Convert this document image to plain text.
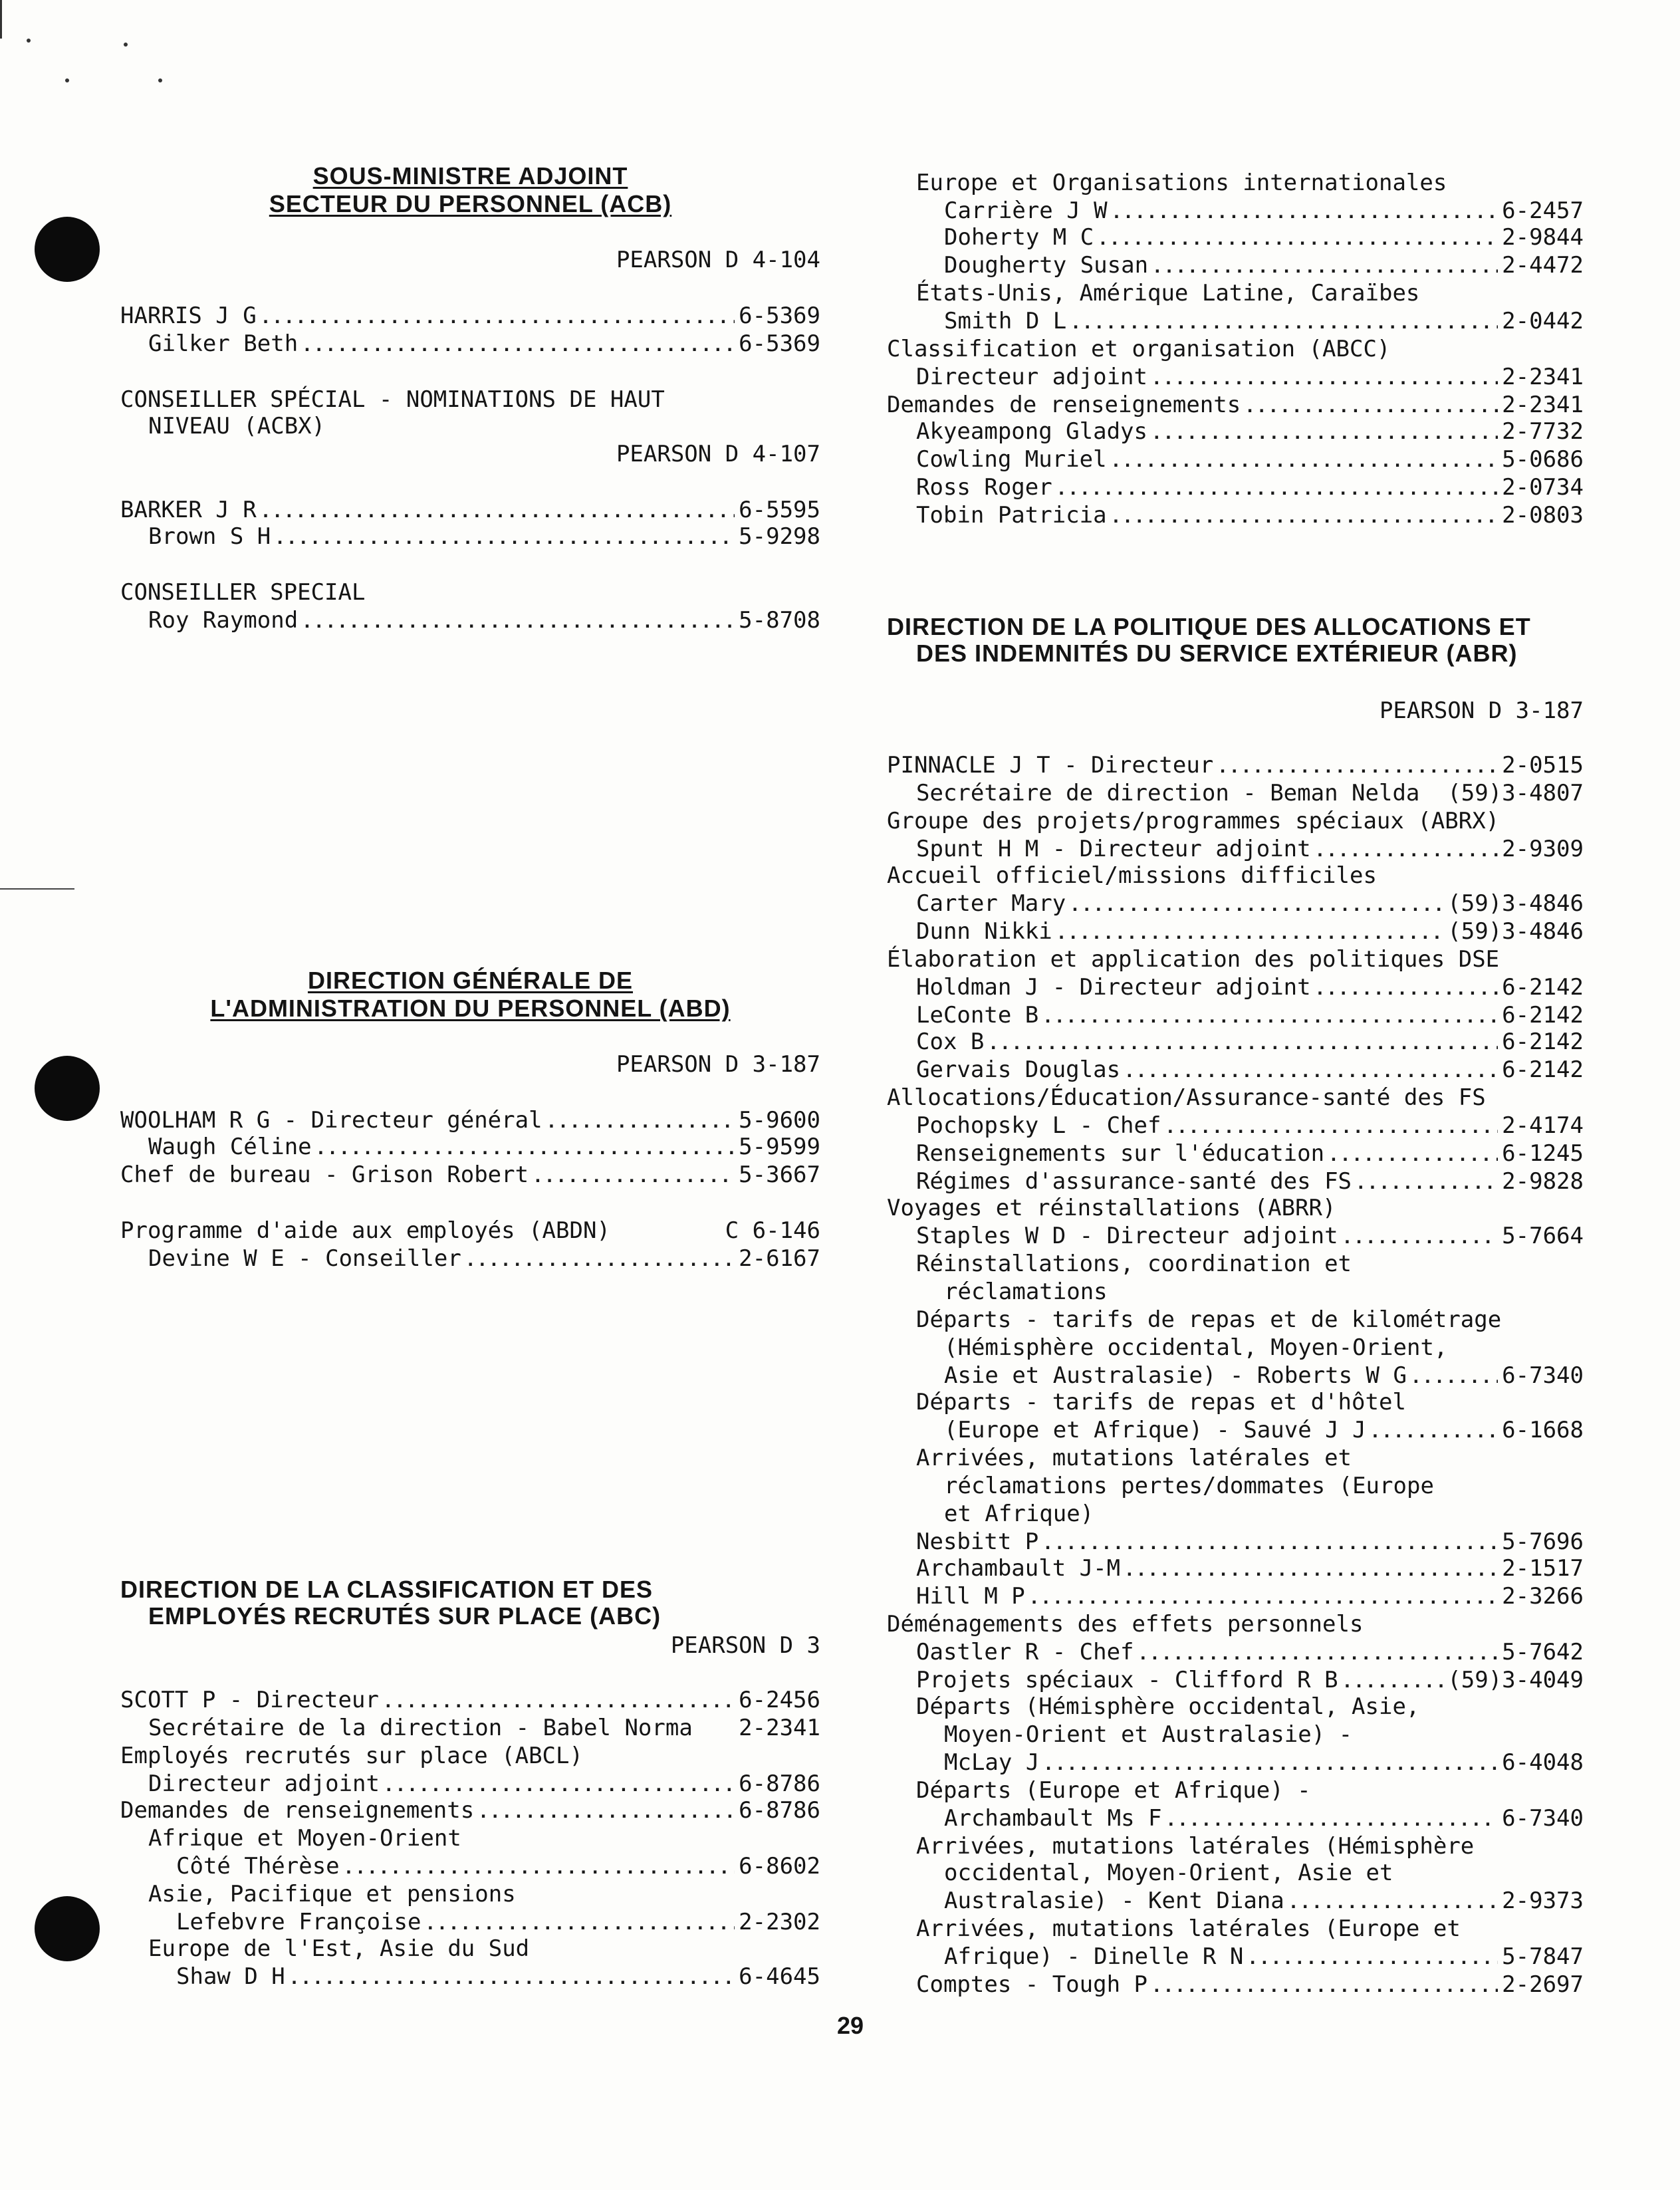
SOUS-MINISTRE ADJOINT
SECTEUR DU PERSONNEL (ACB)
PEARSON D 4-104
HARRIS J G .....	6-5369
Gilker Beth .....	6-5369
CONSEILLER SPÉCIAL - NOMINATIONS DE HAUT
NIVEAU (ACBX)
PEARSON D 4-107
BARKER J R .....	6-5595
Brown S H .....	5-9298
CONSEILLER SPECIAL
Roy Raymond .....	5-8708
DIRECTION GÉNÉRALE DE
L'ADMINISTRATION DU PERSONNEL (ABD)
PEARSON D 3-187
WOOLHAM R G - Directeur général .....	5-9600
Waugh Céline .....	5-9599
Chef de bureau - Grison Robert .....	5-3667
Programme d'aide aux employés (ABDN)	C 6-146
Devine W E - Conseiller .....	2-6167
DIRECTION DE LA CLASSIFICATION ET DES
EMPLOYÉS RECRUTÉS SUR PLACE (ABC)
PEARSON D 3
SCOTT P - Directeur .....	6-2456
Secrétaire de la direction - Babel Norma 2-2341
Employés recrutés sur place (ABCL)
Directeur adjoint .....	6-8786
Demandes de renseignements .....	6-8786
Afrique et Moyen-Orient
Côté Thérèse .....	6-8602
Asie, Pacifique et pensions
Lefebvre Françoise .....	2-2302
Europe de l'Est, Asie du Sud
Shaw D H .....	6-4645
Europe et Organisations internationales
Carrière J W .....	6-2457
Doherty M C .....	2-9844
Dougherty Susan .....	2-4472
États-Unis, Amérique Latine, Caraïbes
Smith D L .....	2-0442
Classification et organisation (ABCC)
Directeur adjoint .....	2-2341
Demandes de renseignements .....	2-2341
Akyeampong Gladys .....	2-7732
Cowling Muriel .....	5-0686
Ross Roger .....	2-0734
Tobin Patricia .....	2-0803
DIRECTION DE LA POLITIQUE DES ALLOCATIONS ET
DES INDEMNITÉS DU SERVICE EXTÉRIEUR (ABR)
PEARSON D 3-187
PINNACLE J T - Directeur .....	2-0515
Secrétaire de direction - Beman Nelda (59)3-4807
Groupe des projets/programmes spéciaux (ABRX)
Spunt H M - Directeur adjoint .....	2-9309
Accueil officiel/missions difficiles
Carter Mary .....	(59)3-4846
Dunn Nikki .....	(59)3-4846
Élaboration et application des politiques DSE
Holdman J - Directeur adjoint .....	6-2142
LeConte B .....	6-2142
Cox B .....	6-2142
Gervais Douglas .....	6-2142
Allocations/Éducation/Assurance-santé des FS
Pochopsky L - Chef .....	2-4174
Renseignements sur l'éducation .....	6-1245
Régimes d'assurance-santé des FS .....	2-9828
Voyages et réinstallations (ABRR)
Staples W D - Directeur adjoint .....	5-7664
Réinstallations, coordination et
réclamations
Départs - tarifs de repas et de kilométrage
(Hémisphère occidental, Moyen-Orient,
Asie et Australasie) - Roberts W G .....	6-7340
Départs - tarifs de repas et d'hôtel
(Europe et Afrique) - Sauvé J J .....	6-1668
Arrivées, mutations latérales et
réclamations pertes/dommates (Europe
et Afrique)
Nesbitt P .....	5-7696
Archambault J-M .....	2-1517
Hill M P .....	2-3266
Déménagements des effets personnels
Oastler R - Chef .....	5-7642
Projets spéciaux - Clifford R B .....	(59)3-4049
Départs (Hémisphère occidental, Asie,
Moyen-Orient et Australasie) -
McLay J .....	6-4048
Départs (Europe et Afrique) -
Archambault Ms F .....	6-7340
Arrivées, mutations latérales (Hémisphère
occidental, Moyen-Orient, Asie et
Australasie) - Kent Diana .....	2-9373
Arrivées, mutations latérales (Europe et
Afrique) - Dinelle R N .....	5-7847
Comptes - Tough P .....	2-2697
29
